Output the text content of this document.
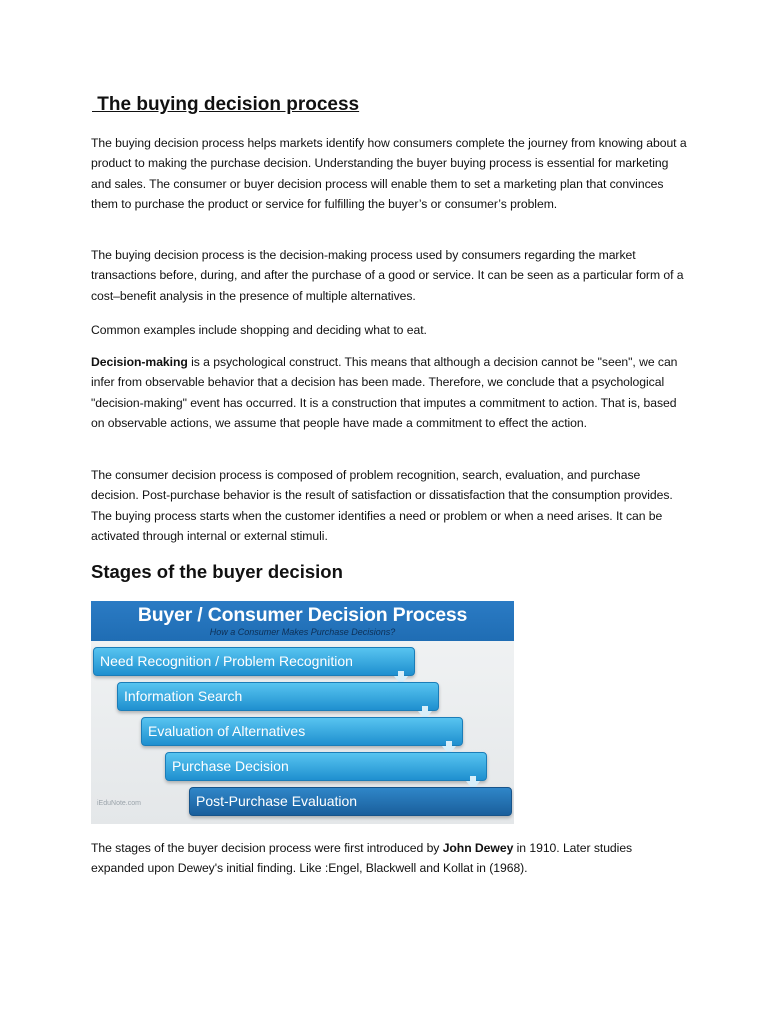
The buying decision process

The buying decision process helps markets identify how consumers complete the journey from knowing about a product to making the purchase decision. Understanding the buyer buying process is essential for marketing and sales. The consumer or buyer decision process will enable them to set a marketing plan that convinces them to purchase the product or service for fulfilling the buyer’s or consumer’s problem.

The buying decision process is the decision-making process used by consumers regarding the market transactions before, during, and after the purchase of a good or service. It can be seen as a particular form of a cost–benefit analysis in the presence of multiple alternatives.

Common examples include shopping and deciding what to eat.

Decision-making is a psychological construct. This means that although a decision cannot be "seen", we can infer from observable behavior that a decision has been made. Therefore, we conclude that a psychological "decision-making" event has occurred. It is a construction that imputes a commitment to action. That is, based on observable actions, we assume that people have made a commitment to effect the action.

The consumer decision process is composed of problem recognition, search, evaluation, and purchase decision. Post-purchase behavior is the result of satisfaction or dissatisfaction that the consumption provides. The buying process starts when the customer identifies a need or problem or when a need arises. It can be activated through internal or external stimuli.

Stages of the buyer decision
Buyer / Consumer Decision Process
How a Consumer Makes Purchase Decisions?
Need Recognition / Problem Recognition
Information Search
Evaluation of Alternatives
Purchase Decision
Post-Purchase Evaluation
iEduNote.com

The stages of the buyer decision process were first introduced by John Dewey in 1910. Later studies expanded upon Dewey's initial finding. Like :Engel, Blackwell and Kollat in (1968).
